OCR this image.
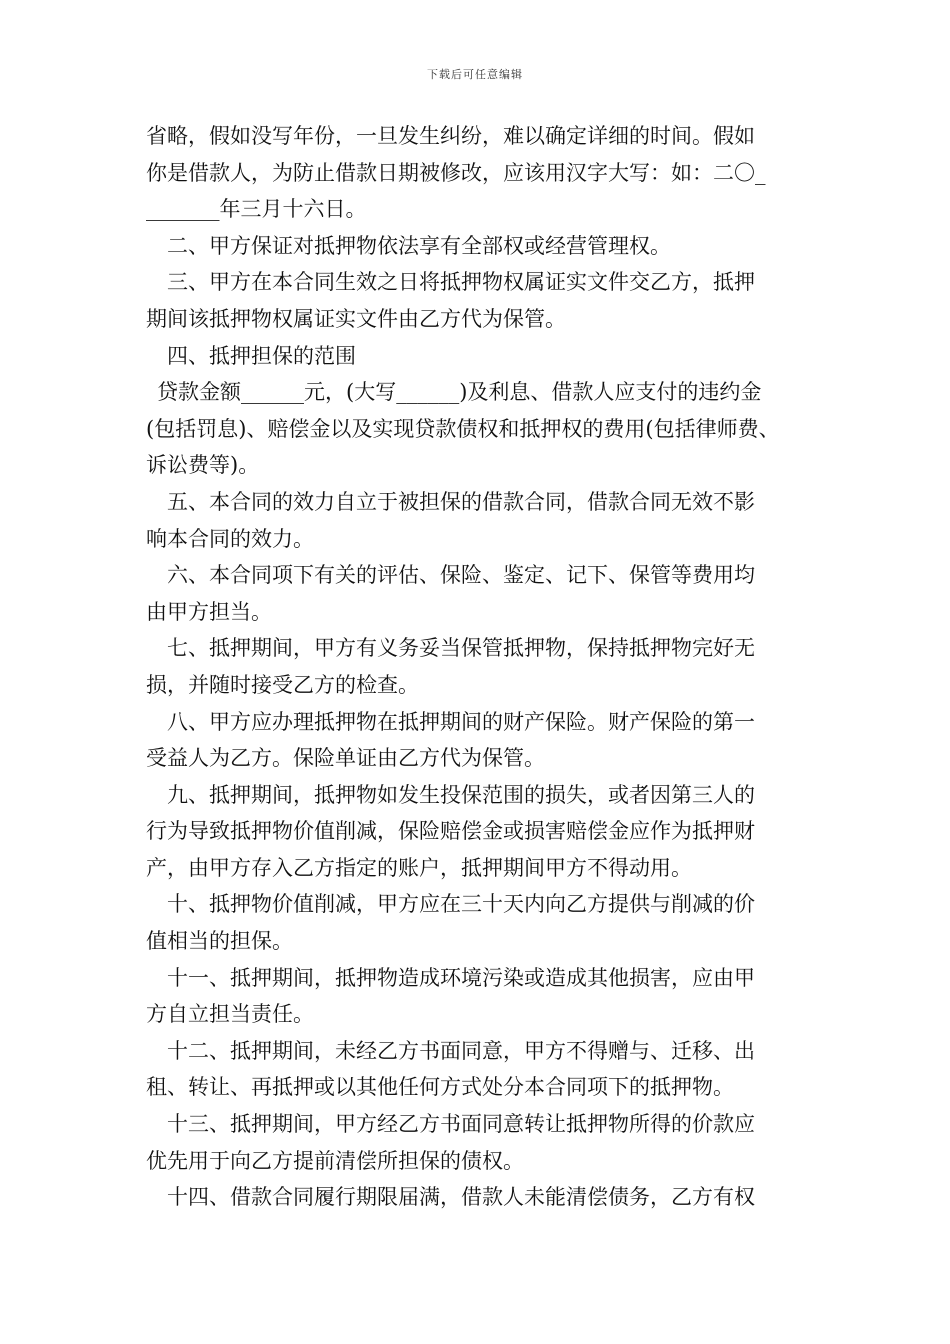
下载后可任意编辑
省略，假如没写年份，一旦发生纠纷，难以确定详细的时间。假如
你是借款人，为防止借款日期被修改，应该用汉字大写：如：二〇_
_______年三月十六日。
二、甲方保证对抵押物依法享有全部权或经营管理权。
三、甲方在本合同生效之日将抵押物权属证实文件交乙方，抵押
期间该抵押物权属证实文件由乙方代为保管。
四、抵押担保的范围
贷款金额______元，(大写______)及利息、借款人应支付的违约金
(包括罚息)、赔偿金以及实现贷款债权和抵押权的费用(包括律师费、
诉讼费等)。
五、本合同的效力自立于被担保的借款合同，借款合同无效不影
响本合同的效力。
六、本合同项下有关的评估、保险、鉴定、记下、保管等费用均
由甲方担当。
七、抵押期间，甲方有义务妥当保管抵押物，保持抵押物完好无
损，并随时接受乙方的检查。
八、甲方应办理抵押物在抵押期间的财产保险。财产保险的第一
受益人为乙方。保险单证由乙方代为保管。
九、抵押期间，抵押物如发生投保范围的损失，或者因第三人的
行为导致抵押物价值削减，保险赔偿金或损害赔偿金应作为抵押财
产，由甲方存入乙方指定的账户，抵押期间甲方不得动用。
十、抵押物价值削减，甲方应在三十天内向乙方提供与削减的价
值相当的担保。
十一、抵押期间，抵押物造成环境污染或造成其他损害，应由甲
方自立担当责任。
十二、抵押期间，未经乙方书面同意，甲方不得赠与、迁移、出
租、转让、再抵押或以其他任何方式处分本合同项下的抵押物。
十三、抵押期间，甲方经乙方书面同意转让抵押物所得的价款应
优先用于向乙方提前清偿所担保的债权。
十四、借款合同履行期限届满，借款人未能清偿债务，乙方有权
